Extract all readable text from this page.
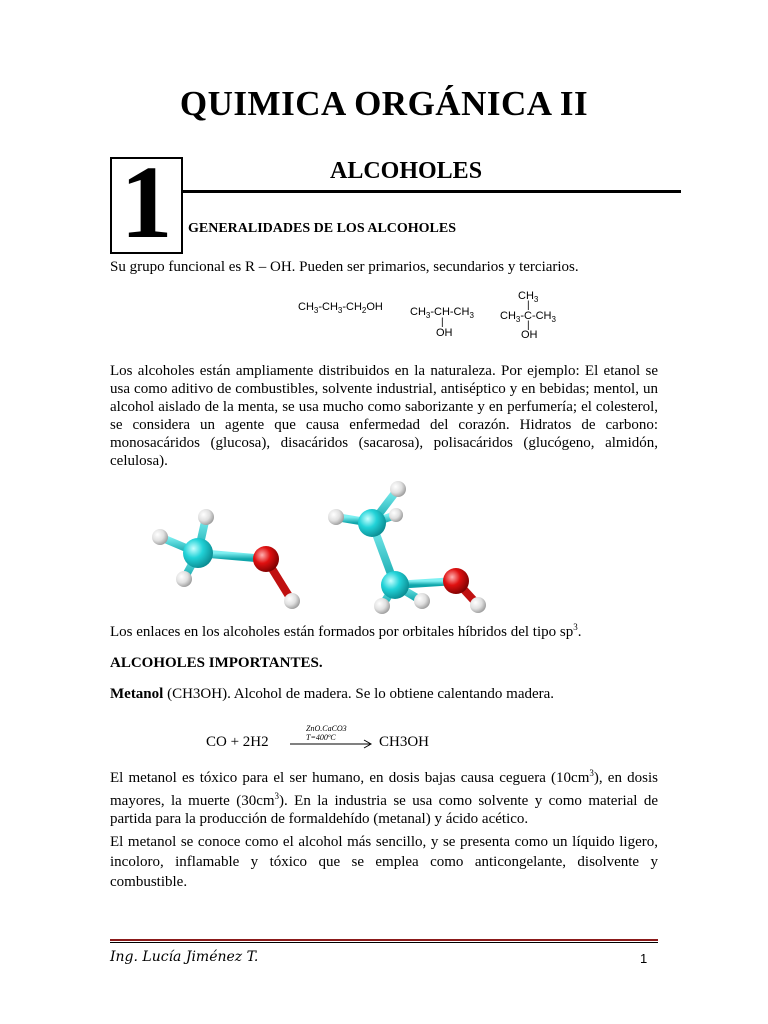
QUIMICA ORGÁNICA II
1	ALCOHOLES
GENERALIDADES DE LOS ALCOHOLES
Su grupo funcional es R – OH. Pueden ser primarios, secundarios y terciarios.
$CH_3-CH_3-CH_2OH$ $CH_3-CH-CH_3$
|
OH
$CH_3$
|
$CH_3-C-CH_3$
|
OH
Los alcoholes están ampliamente distribuidos en la naturaleza. Por ejemplo: El etanol se usa como aditivo de combustibles, solvente industrial, antiséptico y en bebidas; mentol, un alcohol aislado de la menta, se usa mucho como saborizante y en perfumería; el colesterol, se considera un agente que causa enfermedad del corazón. Hidratos de carbono: monosacáridos (glucosa), disacáridos (sacarosa), polisacáridos (glucógeno, almidón, celulosa).
Los enlaces en los alcoholes están formados por orbitales híbridos del tipo $sp^3$.
ALCOHOLES IMPORTANTES.
Metanol (CH3OH). Alcohol de madera. Se lo obtiene calentando madera.
CO + 2H2
ZnO.CaCO3
T=400ºC	CH3OH
El metanol es tóxico para el ser humano, en dosis bajas causa ceguera $(10cm^3)$, en dosis mayores, la muerte $(30cm^3)$. En la industria se usa como solvente y como material de partida para la producción de formaldehído (metanal) y ácido acético.
El metanol se conoce como el alcohol más sencillo, y se presenta como un líquido ligero, incoloro, inflamable y tóxico que se emplea como anticongelante, disolvente y combustible.
Ing. Lucía Jiménez T.	1
